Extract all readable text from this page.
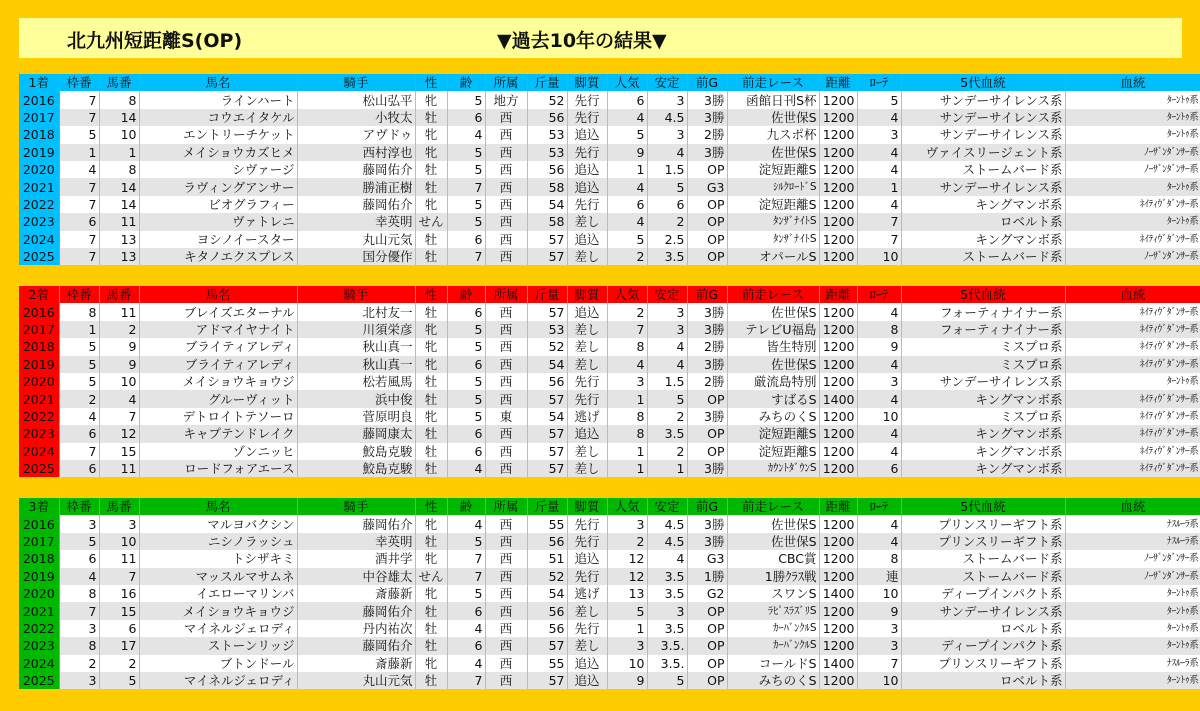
北九州短距離S(OP)	▼過去10年の結果▼
1着	枠番	馬番	馬名	騎手	性	齢	所属	斤量	脚質	人気	安定	前G	前走レース	距離	ﾛｰﾃ	5代血統	血統
2016	7	8	ラインハート	松山弘平	牝	5	地方	52	先行	6	3	3勝	函館日刊S杯	1200	5	サンデーサイレンス系	ﾀｰﾝﾄｩ系
2017	7	14	コウエイタケル	小牧太	牡	6	西	56	先行	4	4.5	3勝	佐世保S	1200	4	サンデーサイレンス系	ﾀｰﾝﾄｩ系
2018	5	10	エントリーチケット	アヴドゥ	牝	4	西	53	追込	5	3	2勝	九スポ杯	1200	3	サンデーサイレンス系	ﾀｰﾝﾄｩ系
2019	1	1	メイショウカズヒメ	西村淳也	牝	5	西	53	先行	9	4	3勝	佐世保S	1200	4	ヴァイスリージェント系	ﾉｰｻﾞﾝﾀﾞﾝｻｰ系
2020	4	8	シヴァージ	藤岡佑介	牡	5	西	56	追込	1	1.5	OP	淀短距離S	1200	4	ストームバード系	ﾉｰｻﾞﾝﾀﾞﾝｻｰ系
2021	7	14	ラヴィングアンサー	勝浦正樹	牡	7	西	58	追込	4	5	G3	ｼﾙｸﾛｰﾄﾞS	1200	1	サンデーサイレンス系	ﾀｰﾝﾄｩ系
2022	7	14	ビオグラフィー	藤岡佑介	牝	5	西	54	先行	6	6	OP	淀短距離S	1200	4	キングマンボ系	ﾈｲﾃｨｳﾞﾀﾞﾝｻｰ系
2023	6	11	ヴァトレニ	幸英明	せん	5	西	58	差し	4	2	OP	ﾀﾝｻﾞﾅｲﾄS	1200	7	ロベルト系	ﾀｰﾝﾄｩ系
2024	7	13	ヨシノイースター	丸山元気	牡	6	西	57	追込	5	2.5	OP	ﾀﾝｻﾞﾅｲﾄS	1200	7	キングマンボ系	ﾈｲﾃｨｳﾞﾀﾞﾝｻｰ系
2025	7	13	キタノエクスプレス	国分優作	牡	7	西	57	差し	2	3.5	OP	オパールS	1200	10	ストームバード系	ﾉｰｻﾞﾝﾀﾞﾝｻｰ系
2着	枠番	馬番	馬名	騎手	性	齢	所属	斤量	脚質	人気	安定	前G	前走レース	距離	ﾛｰﾃ	5代血統	血統
2016	8	11	ブレイズエターナル	北村友一	牡	6	西	57	追込	2	3	3勝	佐世保S	1200	4	フォーティナイナー系	ﾈｲﾃｨｳﾞﾀﾞﾝｻｰ系
2017	1	2	アドマイヤナイト	川須栄彦	牝	5	西	53	差し	7	3	3勝	テレビU福島	1200	8	フォーティナイナー系	ﾈｲﾃｨｳﾞﾀﾞﾝｻｰ系
2018	5	9	ブライティアレディ	秋山真一	牝	5	西	52	差し	8	4	2勝	皆生特別	1200	9	ミスプロ系	ﾈｲﾃｨｳﾞﾀﾞﾝｻｰ系
2019	5	9	ブライティアレディ	秋山真一	牝	6	西	54	差し	4	4	3勝	佐世保S	1200	4	ミスプロ系	ﾈｲﾃｨｳﾞﾀﾞﾝｻｰ系
2020	5	10	メイショウキョウジ	松若風馬	牡	5	西	56	先行	3	1.5	2勝	厳流島特別	1200	3	サンデーサイレンス系	ﾀｰﾝﾄｩ系
2021	2	4	グルーヴィット	浜中俊	牡	5	西	57	先行	1	5	OP	すばるS	1400	4	キングマンボ系	ﾈｲﾃｨｳﾞﾀﾞﾝｻｰ系
2022	4	7	デトロイトテソーロ	菅原明良	牝	5	東	54	逃げ	8	2	3勝	みちのくS	1200	10	ミスプロ系	ﾈｲﾃｨｳﾞﾀﾞﾝｻｰ系
2023	6	12	キャプテンドレイク	藤岡康太	牡	6	西	57	追込	8	3.5	OP	淀短距離S	1200	4	キングマンボ系	ﾈｲﾃｨｳﾞﾀﾞﾝｻｰ系
2024	7	15	ゾンニッヒ	鮫島克駿	牡	6	西	57	差し	1	2	OP	淀短距離S	1200	4	キングマンボ系	ﾈｲﾃｨｳﾞﾀﾞﾝｻｰ系
2025	6	11	ロードフォアエース	鮫島克駿	牡	4	西	57	差し	1	1	3勝	ｶｳﾝﾄﾀﾞｳﾝS	1200	6	キングマンボ系	ﾈｲﾃｨｳﾞﾀﾞﾝｻｰ系
3着	枠番	馬番	馬名	騎手	性	齢	所属	斤量	脚質	人気	安定	前G	前走レース	距離	ﾛｰﾃ	5代血統	血統
2016	3	3	マルヨバクシン	藤岡佑介	牝	4	西	55	先行	3	4.5	3勝	佐世保S	1200	4	プリンスリーギフト系	ﾅｽﾙｰﾗ系
2017	5	10	ニシノラッシュ	幸英明	牡	5	西	56	先行	2	4.5	3勝	佐世保S	1200	4	プリンスリーギフト系	ﾅｽﾙｰﾗ系
2018	6	11	トシザキミ	酒井学	牝	7	西	51	追込	12	4	G3	CBC賞	1200	8	ストームバード系	ﾉｰｻﾞﾝﾀﾞﾝｻｰ系
2019	4	7	マッスルマサムネ	中谷雄太	せん	7	西	52	先行	12	3.5	1勝	1勝ｸﾗｽ戦	1200	連	ストームバード系	ﾉｰｻﾞﾝﾀﾞﾝｻｰ系
2020	8	16	イエローマリンバ	斎藤新	牝	5	西	54	逃げ	13	3.5	G2	スワンS	1400	10	ディープインパクト系	ﾀｰﾝﾄｩ系
2021	7	15	メイショウキョウジ	藤岡佑介	牡	6	西	56	差し	5	3	OP	ﾗﾋﾟｽﾗｽﾞﾘS	1200	9	サンデーサイレンス系	ﾀｰﾝﾄｩ系
2022	3	6	マイネルジェロディ	丹内祐次	牡	4	西	56	先行	1	3.5	OP	ｶｰﾊﾞﾝｸﾙS	1200	3	ロベルト系	ﾀｰﾝﾄｩ系
2023	8	17	ストーンリッジ	藤岡佑介	牡	6	西	57	差し	3	3.5.	OP	ｶｰﾊﾞﾝｸﾙS	1200	3	ディープインパクト系	ﾀｰﾝﾄｩ系
2024	2	2	ブトンドール	斎藤新	牝	4	西	55	追込	10	3.5.	OP	コールドS	1400	7	プリンスリーギフト系	ﾅｽﾙｰﾗ系
2025	3	5	マイネルジェロディ	丸山元気	牡	7	西	57	追込	9	5	OP	みちのくS	1200	10	ロベルト系	ﾀｰﾝﾄｩ系
